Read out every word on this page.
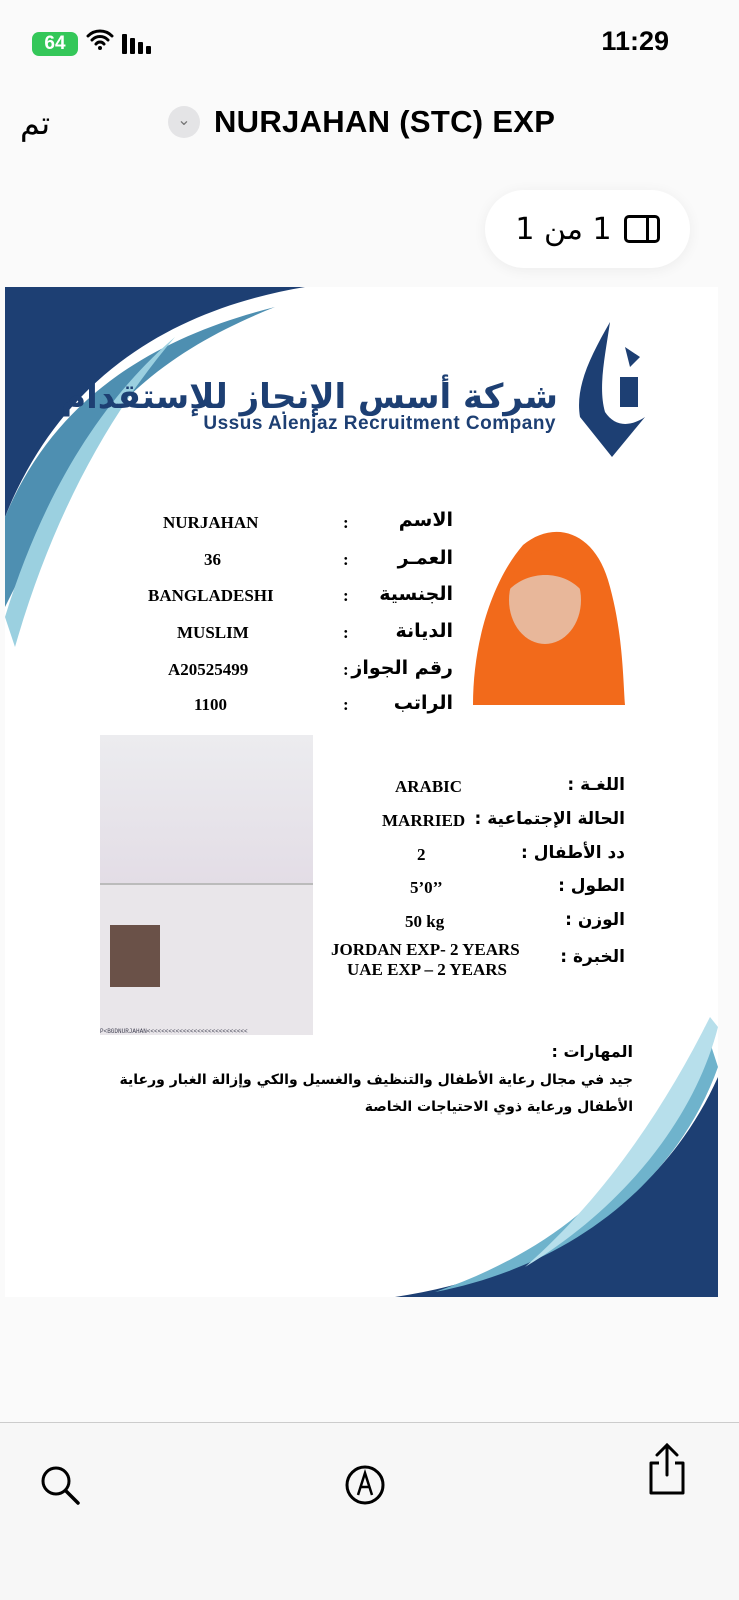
64	11:29
تم	⌄ NURJAHAN (STC) EXP
1 من 1
شركة أسس الإنجاز للإستقدام
Ussus Alenjaz Recruitment Company
NURJAHAN
36
BANGLADESHI
MUSLIM
A20525499
1100
:
:
:
:
:
:
الاسم
العمـر
الجنسية
الديانة
رقم الجواز
الراتب
P<BGDNURJAHAN<<<<<<<<<<<<<<<<<<<<<<<<<<<<
ARABIC
MARRIED
2
5’0’’
50 kg
JORDAN EXP- 2 YEARS
UAE EXP – 2 YEARS
اللغـة :
الحالة الإجتماعية :
دد الأطفال :
الطول :
الوزن :
الخبرة :
المهارات :
جيد في مجال رعاية الأطفال والتنظيف والغسيل والكي وإزالة الغبار ورعاية
الأطفال ورعاية ذوي الاحتياجات الخاصة
